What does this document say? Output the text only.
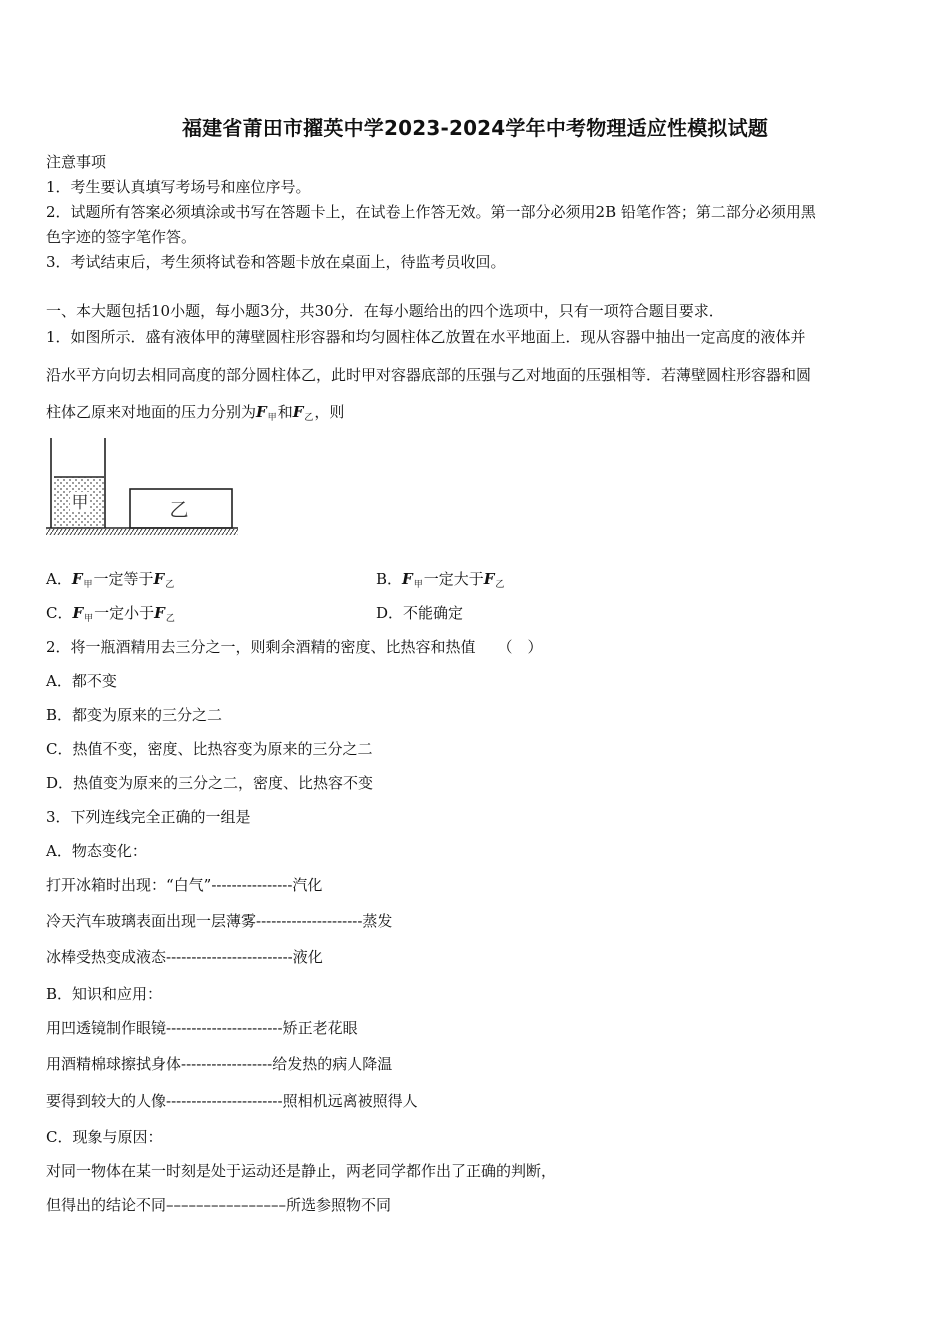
福建省莆田市擢英中学2023-2024学年中考物理适应性模拟试题
注意事项
1．考生要认真填写考场号和座位序号。
2．试题所有答案必须填涂或书写在答题卡上，在试卷上作答无效。第一部分必须用2B 铅笔作答；第二部分必须用黑
色字迹的签字笔作答。
3．考试结束后，考生须将试卷和答题卡放在桌面上，待监考员收回。
一、本大题包括10小题，每小题3分，共30分．在每小题给出的四个选项中，只有一项符合题目要求．
1．如图所示．盛有液体甲的薄壁圆柱形容器和均匀圆柱体乙放置在水平地面上．现从容器中抽出一定高度的液体并
沿水平方向切去相同高度的部分圆柱体乙，此时甲对容器底部的压强与乙对地面的压强相等．若薄壁圆柱形容器和圆
柱体乙原来对地面的压力分别为$F_甲$和$F_乙$，则
甲	乙
A．$F_甲$一定等于$F_乙$	B．$F_甲$一定大于$F_乙$
C．$F_甲$一定小于$F_乙$	D．不能确定
2．将一瓶酒精用去三分之一，则剩余酒精的密度、比热容和热值 （　）
A．都不变
B．都变为原来的三分之二
C．热值不变，密度、比热容变为原来的三分之二
D．热值变为原来的三分之二，密度、比热容不变
3．下列连线完全正确的一组是
A．物态变化：
打开冰箱时出现：“白气”----------------汽化
冷天汽车玻璃表面出现一层薄雾---------------------蒸发
冰棒受热变成液态-------------------------液化
B．知识和应用：
用凹透镜制作眼镜-----------------------矫正老花眼
用酒精棉球擦拭身体------------------给发热的病人降温
要得到较大的人像-----------------------照相机远离被照得人
C．现象与原因：
对同一物体在某一时刻是处于运动还是静止，两老同学都作出了正确的判断，
但得出的结论不同––––––––––––––––所选参照物不同
